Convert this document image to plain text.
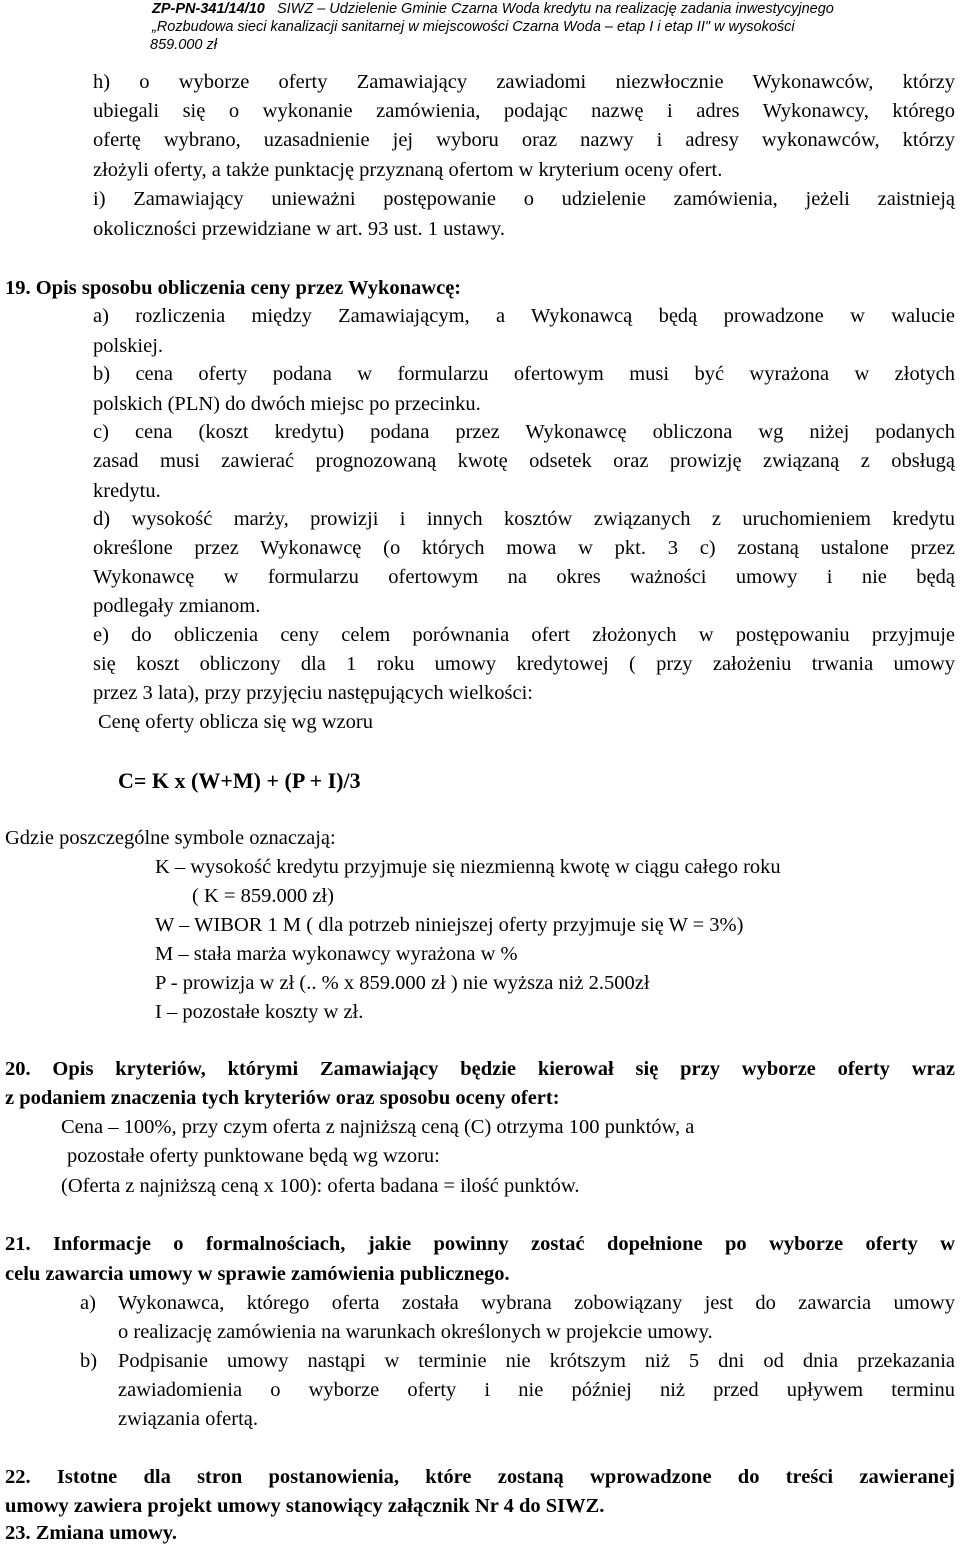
ZP-PN-341/14/10 SIWZ – Udzielenie Gminie Czarna Woda kredytu na realizację zadania inwestycyjnego
„Rozbudowa sieci kanalizacji sanitarnej w miejscowości Czarna Woda – etap I i etap II" w wysokości
859.000 zł
h) o wyborze oferty Zamawiający zawiadomi niezwłocznie Wykonawców, którzy
ubiegali się o wykonanie zamówienia, podając nazwę i adres Wykonawcy, którego
ofertę wybrano, uzasadnienie jej wyboru oraz nazwy i adresy wykonawców, którzy
złożyli oferty, a także punktację przyznaną ofertom w kryterium oceny ofert.
i) Zamawiający unieważni postępowanie o udzielenie zamówienia, jeżeli zaistnieją
okoliczności przewidziane w art. 93 ust. 1 ustawy.
19. Opis sposobu obliczenia ceny przez Wykonawcę:
a) rozliczenia między Zamawiającym, a Wykonawcą będą prowadzone w walucie
polskiej.
b) cena oferty podana w formularzu ofertowym musi być wyrażona w złotych
polskich (PLN) do dwóch miejsc po przecinku.
c) cena (koszt kredytu) podana przez Wykonawcę obliczona wg niżej podanych
zasad musi zawierać prognozowaną kwotę odsetek oraz prowizję związaną z obsługą
kredytu.
d) wysokość marży, prowizji i innych kosztów związanych z uruchomieniem kredytu
określone przez Wykonawcę (o których mowa w pkt. 3 c) zostaną ustalone przez
Wykonawcę w formularzu ofertowym na okres ważności umowy i nie będą
podlegały zmianom.
e) do obliczenia ceny celem porównania ofert złożonych w postępowaniu przyjmuje
się koszt obliczony dla 1 roku umowy kredytowej ( przy założeniu trwania umowy
przez 3 lata), przy przyjęciu następujących wielkości:
Cenę oferty oblicza się wg wzoru
C= K x (W+M) + (P + I)/3
Gdzie poszczególne symbole oznaczają:
K – wysokość kredytu przyjmuje się niezmienną kwotę w ciągu całego roku
( K = 859.000 zł)
W – WIBOR 1 M ( dla potrzeb niniejszej oferty przyjmuje się W = 3%)
M – stała marża wykonawcy wyrażona w %
P - prowizja w zł (.. % x 859.000 zł ) nie wyższa niż 2.500zł
I – pozostałe koszty w zł.
20. Opis kryteriów, którymi Zamawiający będzie kierował się przy wyborze oferty wraz
z podaniem znaczenia tych kryteriów oraz sposobu oceny ofert:
Cena – 100%, przy czym oferta z najniższą ceną (C) otrzyma 100 punktów, a
pozostałe oferty punktowane będą wg wzoru:
(Oferta z najniższą ceną x 100): oferta badana = ilość punktów.
21. Informacje o formalnościach, jakie powinny zostać dopełnione po wyborze oferty w
celu zawarcia umowy w sprawie zamówienia publicznego.
a) Wykonawca, którego oferta została wybrana zobowiązany jest do zawarcia umowy
o realizację zamówienia na warunkach określonych w projekcie umowy.
b) Podpisanie umowy nastąpi w terminie nie krótszym niż 5 dni od dnia przekazania
zawiadomienia o wyborze oferty i nie później niż przed upływem terminu
związania ofertą.
22. Istotne dla stron postanowienia, które zostaną wprowadzone do treści zawieranej
umowy zawiera projekt umowy stanowiący załącznik Nr 4 do SIWZ.
23. Zmiana umowy.
